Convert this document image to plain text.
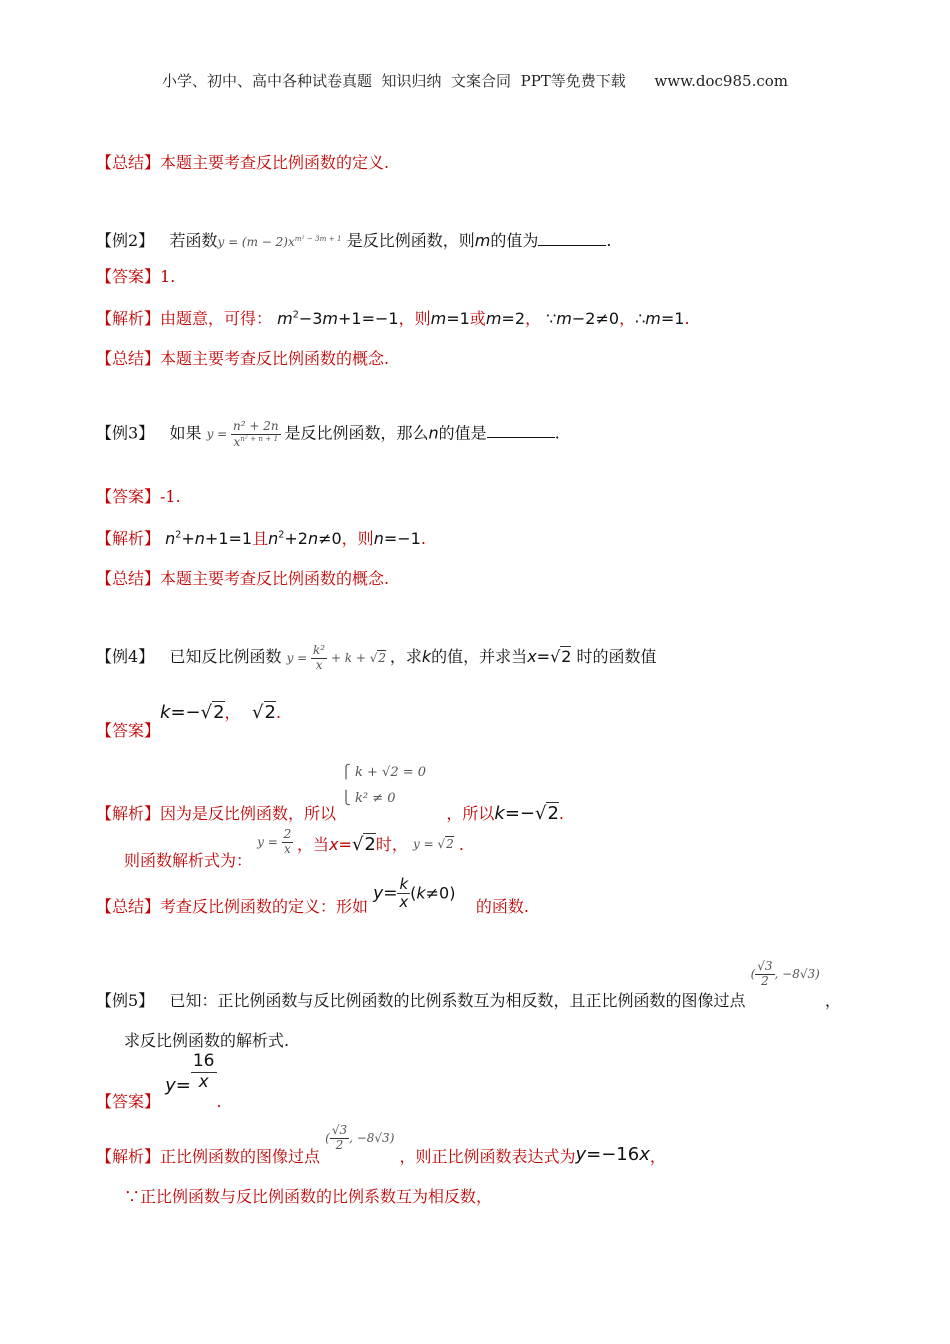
小学、初中、高中各种试卷真题  知识归纳  文案合同  PPT等免费下载      www.doc985.com
【总结】本题主要考查反比例函数的定义.
【例2】 若函数$y = (m - 2)x^{m^2 - 3m + 1}$ 是反比例函数，则m的值为	.
【答案】1.
【解析】由题意，可得： $m^2-3m+1=-1$，则m=1或m=2， ∵m−2≠0，∴m=1.
【总结】本题主要考查反比例函数的概念.
【例3】 如果 $y = \frac{\text{n² + 2n}}{x^{n^2 + n + 1}}$ 是反比例函数，那么n的值是	.
【答案】-1.
【解析】 $n^2+n+1=1$且$n^2+2n\ne 0$，则n=−1.
【总结】本题主要考查反比例函数的概念.
【例4】 已知反比例函数 $y = \frac{\text{k²}}{x} + k + √2$ ，求k的值，并求当x=√2 时的函数值
【答案】k=−√2， √2.
【解析】因为是反比例函数，所以
⎧ k + √2 = 0
⎩ k² ≠ 0
，所以k=−√2.
则函数解析式为： $y = \frac{2}{x}$ ，当x=√2时， y = √2 .
【总结】考查反比例函数的定义：形如 $y= \frac{k}{x} (k\ne 0)$    的函数.
【例5】 已知：正比例函数与反比例函数的比例系数互为相反数，且正比例函数的图像过点 ( $\frac{√3}{2}$ , −8√3) ，
求反比例函数的解析式.
【答案】 $y= \frac{16}{x}$
.
【解析】正比例函数的图像过点 ( $\frac{√3}{2}$ , −8√3) ，则正比例函数表达式为y=−16x，
∵正比例函数与反比例函数的比例系数互为相反数，
